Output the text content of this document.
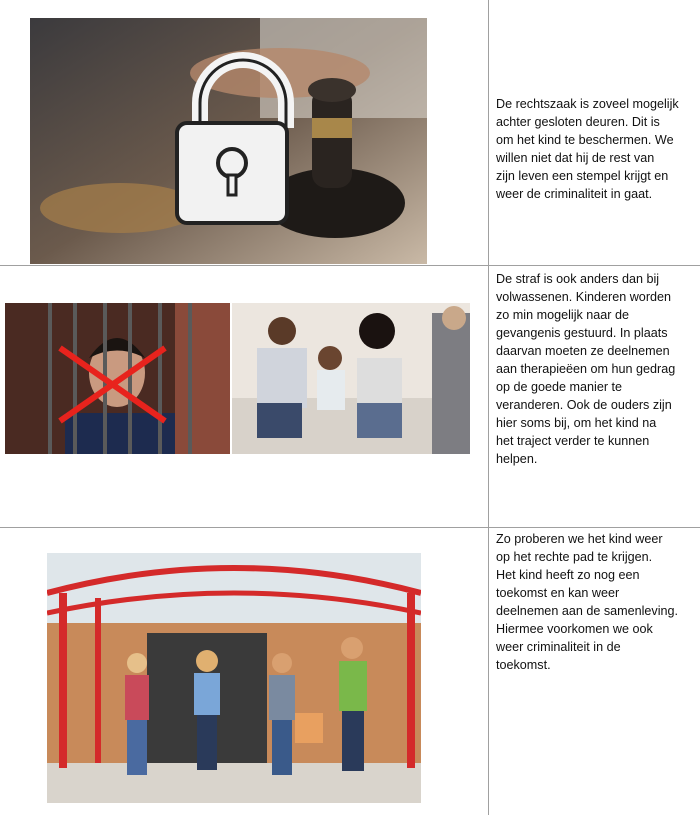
De rechtszaak is zoveel mogelijk
achter gesloten deuren. Dit is
om het kind te beschermen. We
willen niet dat hij de rest van
zijn leven een stempel krijgt en
weer de criminaliteit in gaat.
De straf is ook anders dan bij
volwassenen. Kinderen worden
zo min mogelijk naar de
gevangenis gestuurd. In plaats
daarvan moeten ze deelnemen
aan therapieëen om hun gedrag
op de goede manier te
veranderen. Ook de ouders zijn
hier soms bij, om het kind na
het traject verder te kunnen
helpen.
Zo proberen we het kind weer
op het rechte pad te krijgen.
Het kind heeft zo nog een
toekomst en kan weer
deelnemen aan de samenleving.
Hiermee voorkomen we ook
weer criminaliteit in de
toekomst.
